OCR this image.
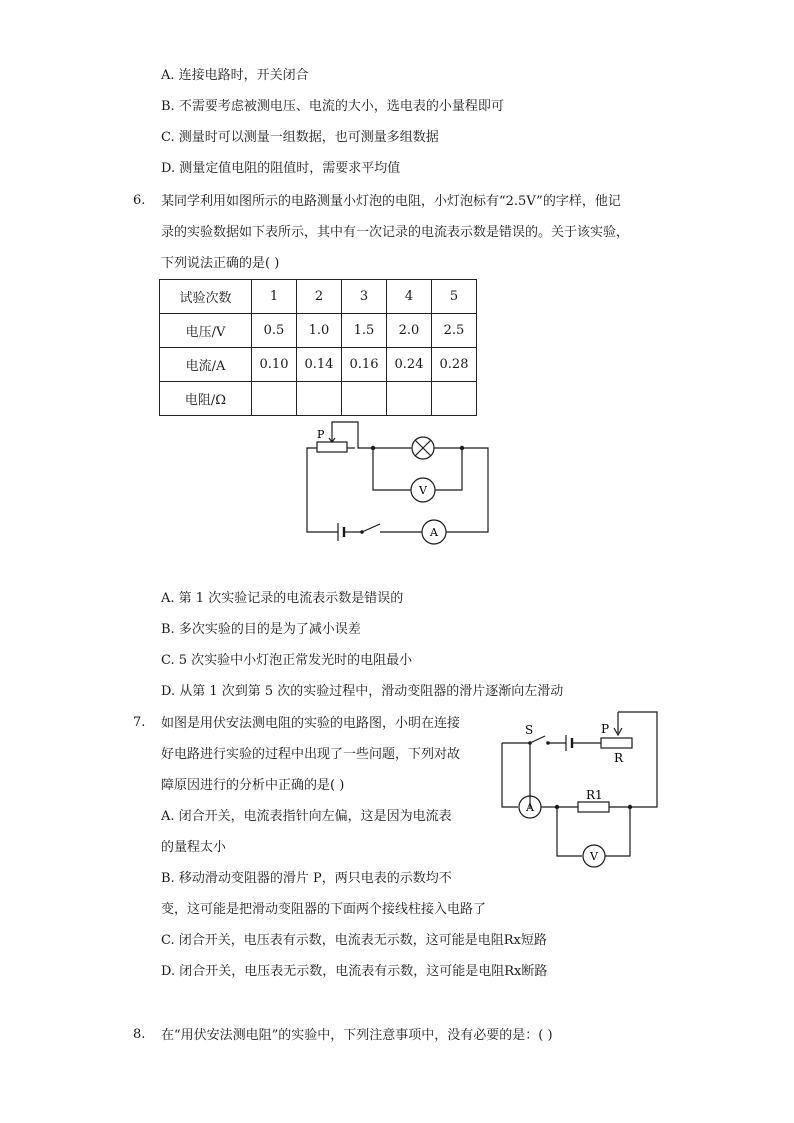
A. 连接电路时，开关闭合
B. 不需要考虑被测电压、电流的大小，选电表的小量程即可
C. 测量时可以测量一组数据，也可测量多组数据
D. 测量定值电阻的阻值时，需要求平均值
6. 某同学利用如图所示的电路测量小灯泡的电阻，小灯泡标有“2.5V”的字样，他记
录的实验数据如下表所示，其中有一次记录的电流表示数是错误的。关于该实验，
下列说法正确的是( )
试验次数	1	2	3	4	5
电压/V	0.5	1.0	1.5	2.0	2.5
电流/A	0.10	0.14	0.16	0.24	0.28
电阻/Ω					
P
V
A
A. 第 1 次实验记录的电流表示数是错误的
B. 多次实验的目的是为了减小误差
C. 5 次实验中小灯泡正常发光时的电阻最小
D. 从第 1 次到第 5 次的实验过程中，滑动变阻器的滑片逐渐向左滑动
7. 如图是用伏安法测电阻的实验的电路图，小明在连接
好电路进行实验的过程中出现了一些问题，下列对故
障原因进行的分析中正确的是( )
A. 闭合开关，电流表指针向左偏，这是因为电流表
的量程太小
B. 移动滑动变阻器的滑片 P，两只电表的示数均不
变，这可能是把滑动变阻器的下面两个接线柱接入电路了
C. 闭合开关，电压表有示数，电流表无示数，这可能是电阻Rx短路
D. 闭合开关，电压表无示数，电流表有示数，这可能是电阻Rx断路
S	P
R
R1
A
V
8. 在“用伏安法测电阻”的实验中，下列注意事项中，没有必要的是：( )
